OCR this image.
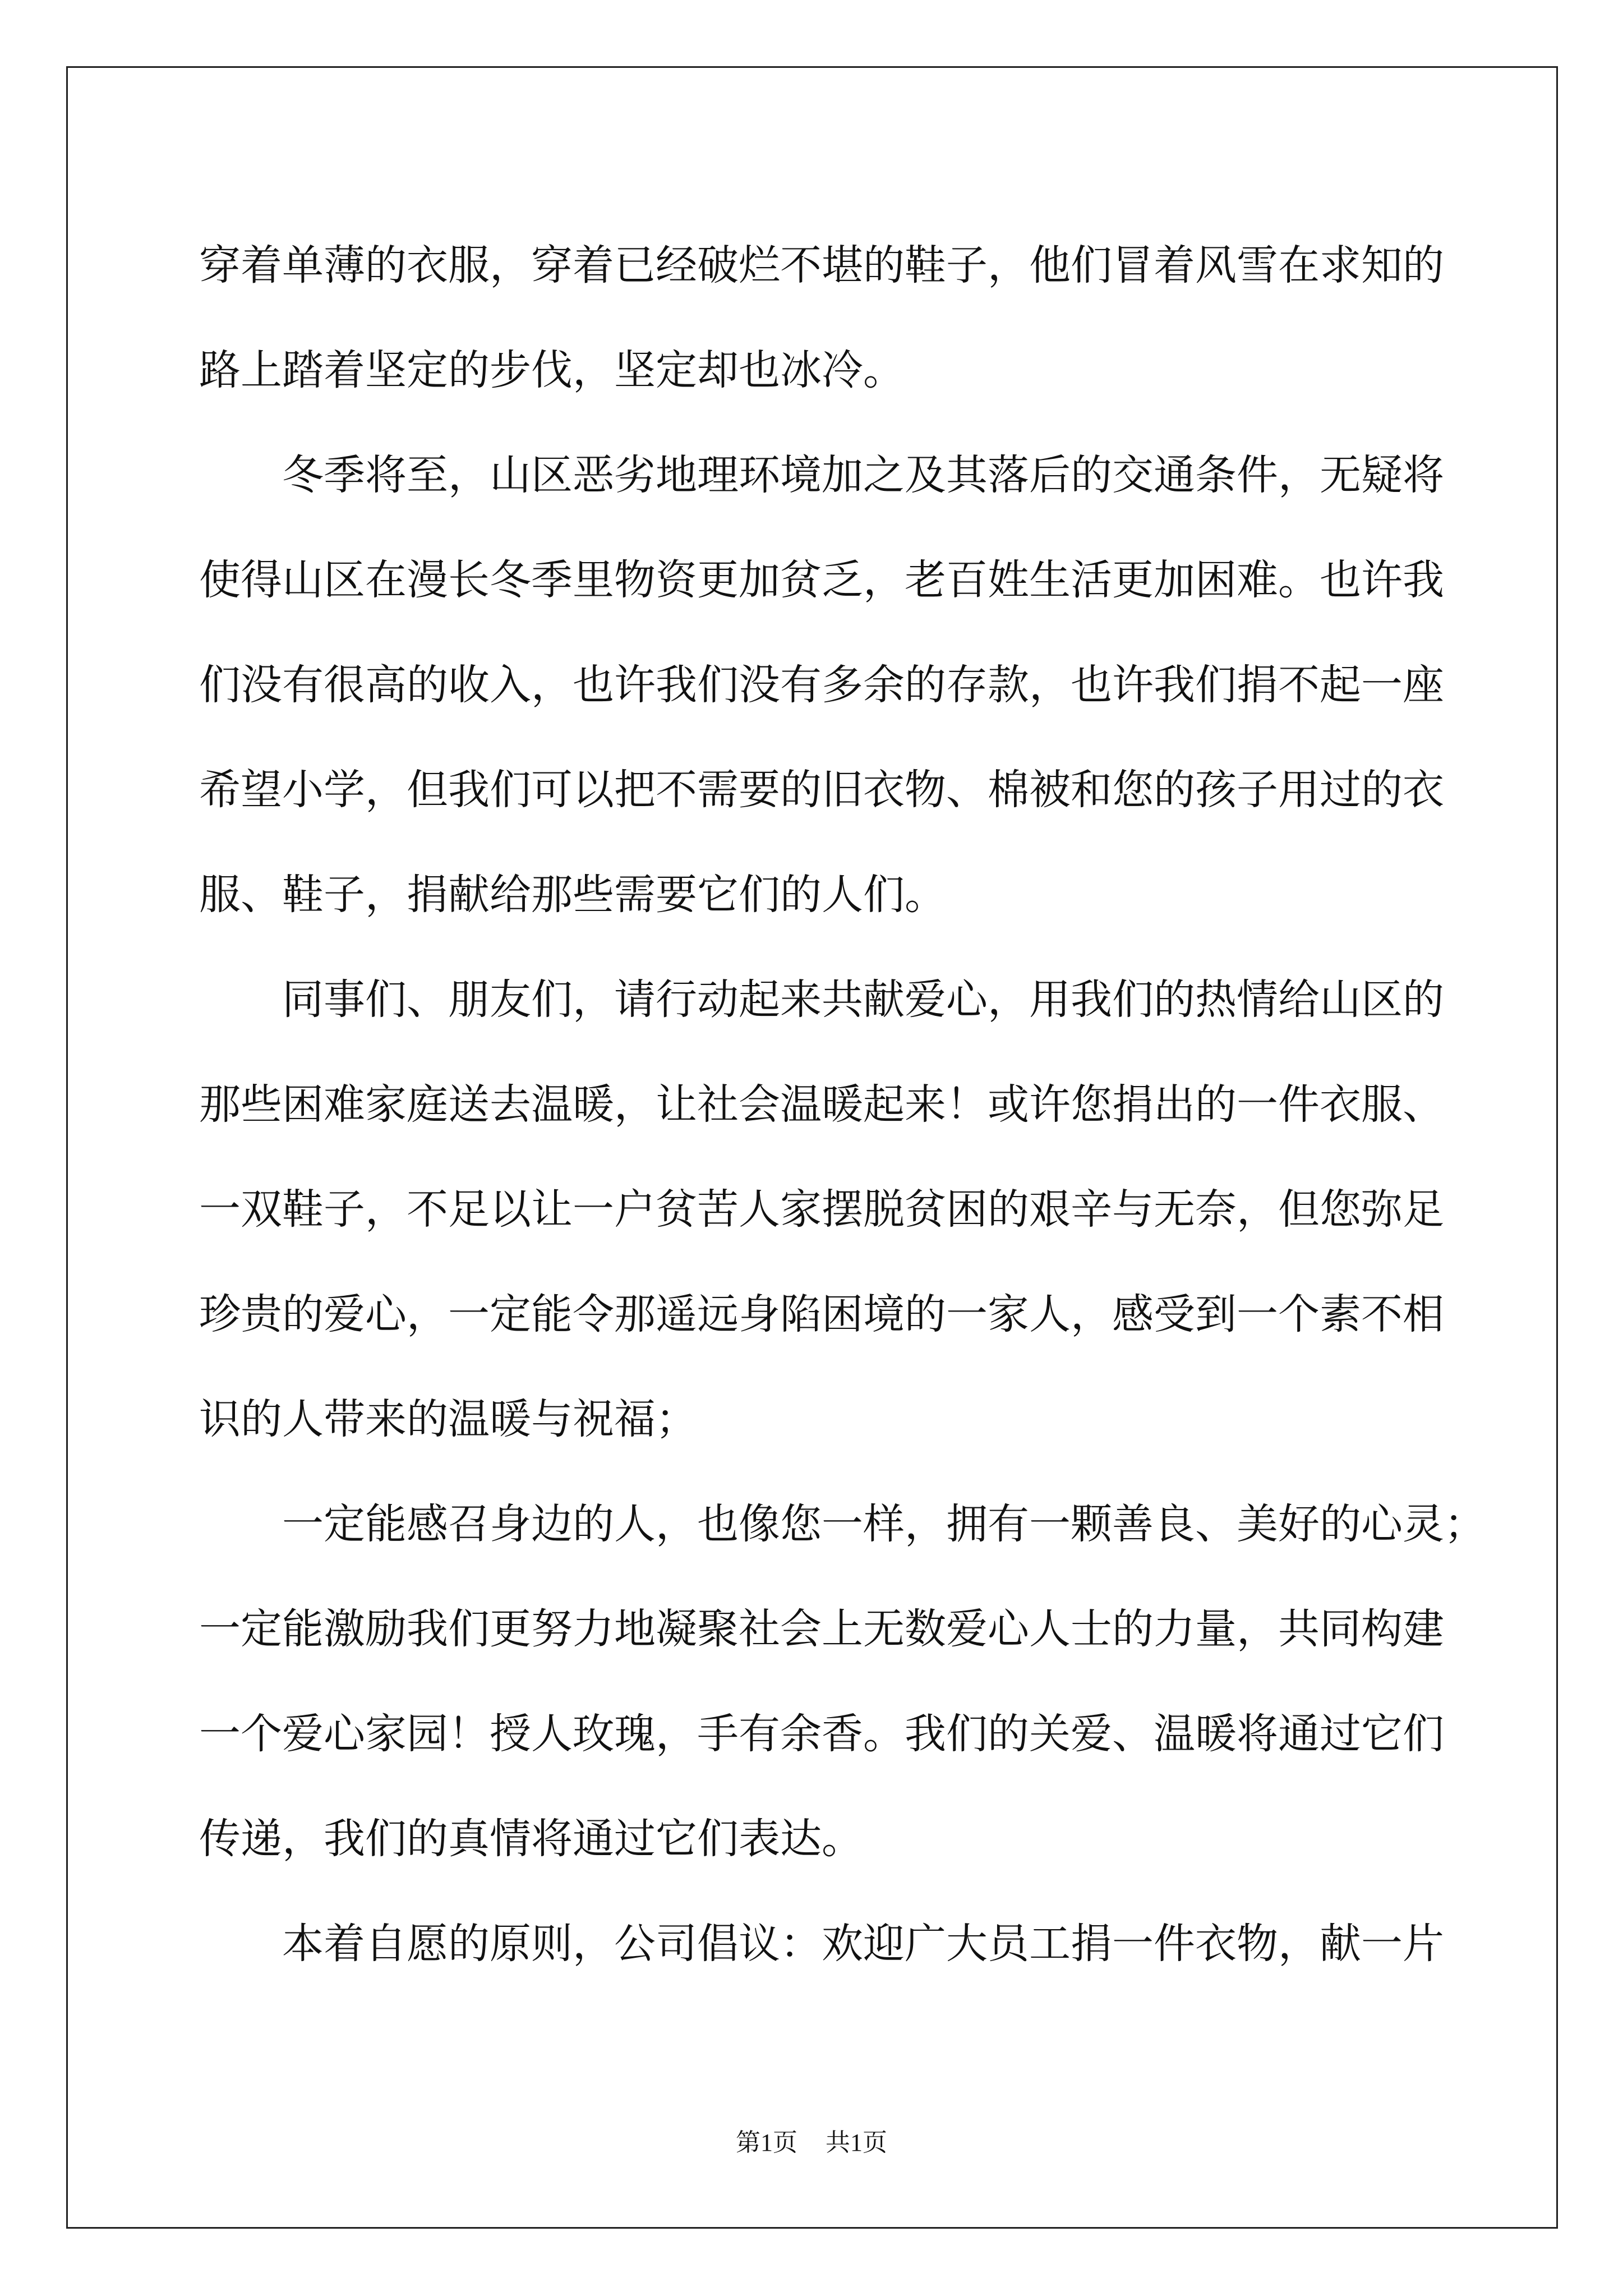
穿着单薄的衣服，穿着已经破烂不堪的鞋子，他们冒着风雪在求知的
路上踏着坚定的步伐，坚定却也冰冷。
冬季将至，山区恶劣地理环境加之及其落后的交通条件，无疑将
使得山区在漫长冬季里物资更加贫乏，老百姓生活更加困难。也许我
们没有很高的收入，也许我们没有多余的存款，也许我们捐不起一座
希望小学，但我们可以把不需要的旧衣物、棉被和您的孩子用过的衣
服、鞋子，捐献给那些需要它们的人们。
同事们、朋友们，请行动起来共献爱心，用我们的热情给山区的
那些困难家庭送去温暖，让社会温暖起来！或许您捐出的一件衣服、
一双鞋子，不足以让一户贫苦人家摆脱贫困的艰辛与无奈，但您弥足
珍贵的爱心，一定能令那遥远身陷困境的一家人，感受到一个素不相
识的人带来的温暖与祝福；
一定能感召身边的人，也像您一样，拥有一颗善良、美好的心灵；
一定能激励我们更努力地凝聚社会上无数爱心人士的力量，共同构建
一个爱心家园！授人玫瑰，手有余香。我们的关爱、温暖将通过它们
传递，我们的真情将通过它们表达。
本着自愿的原则，公司倡议：欢迎广大员工捐一件衣物，献一片
第1页 共1页
